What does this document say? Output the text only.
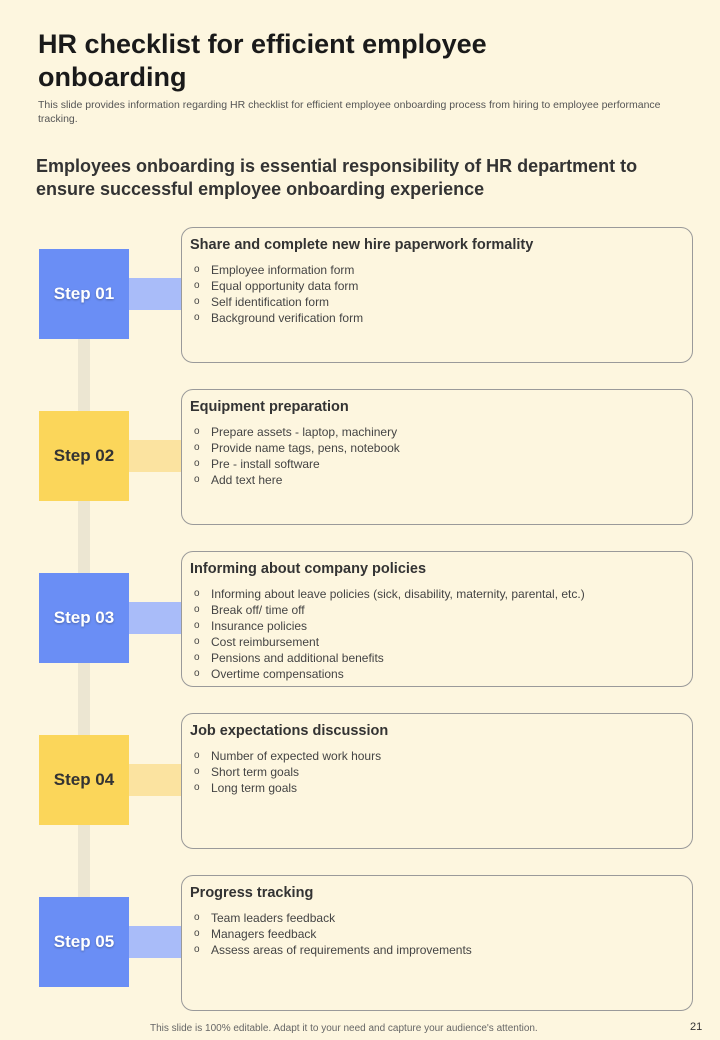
HR checklist for efficient employee onboarding
This slide provides information regarding HR checklist for efficient employee onboarding process from hiring to employee performance tracking.
Employees onboarding is essential responsibility of HR department to ensure successful employee onboarding experience
Step 01
Share and complete new hire paperwork formality
o Employee information form
o Equal opportunity data form
o Self identification form
o Background verification form
Step 02
Equipment preparation
o Prepare assets - laptop, machinery
o Provide name tags, pens, notebook
o Pre - install software
o Add text here
Step 03
Informing about company policies
o Informing about leave policies (sick, disability, maternity, parental, etc.)
o Break off/ time off
o Insurance policies
o Cost reimbursement
o Pensions and additional benefits
o Overtime compensations
Step 04
Job expectations discussion
o Number of expected work hours
o Short term goals
o Long term goals
Step 05
Progress tracking
o Team leaders feedback
o Managers feedback
o Assess areas of requirements and improvements
This slide is 100% editable. Adapt it to your need and capture your audience's attention.	21
